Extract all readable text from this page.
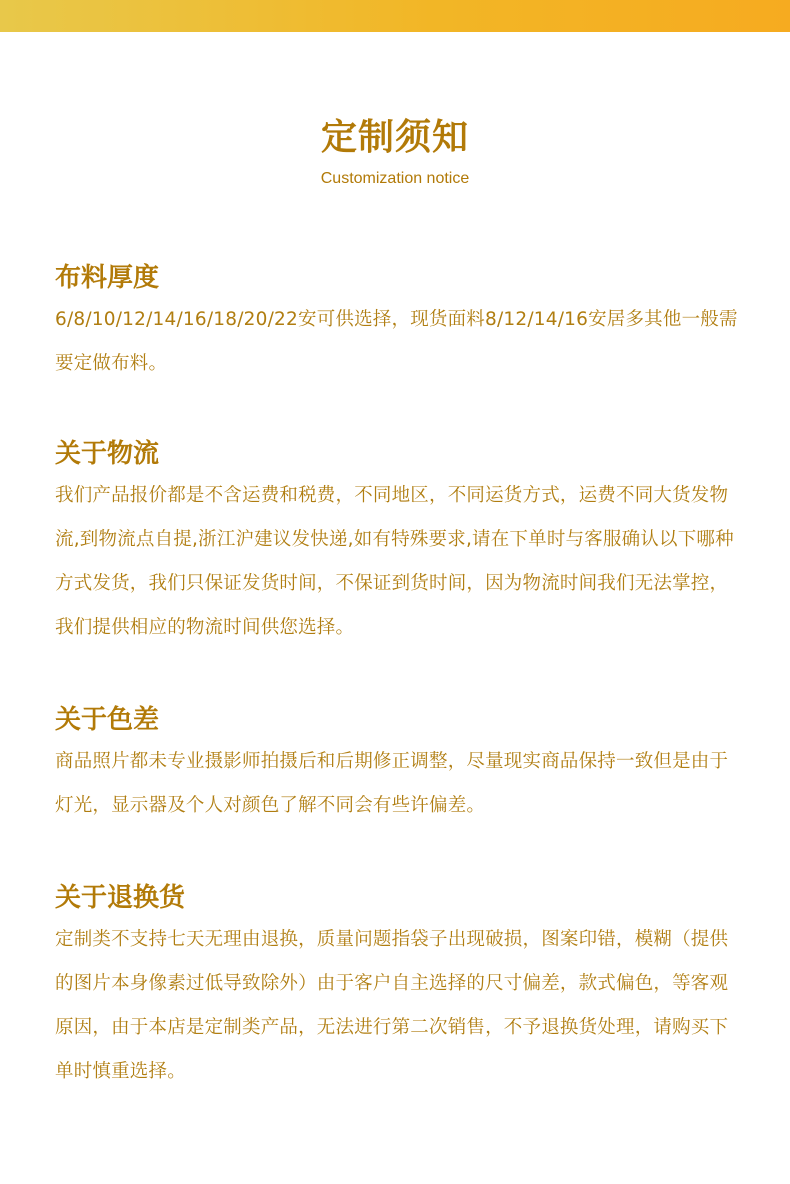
定制须知
Customization notice
布料厚度
6/8/10/12/14/16/18/20/22安可供选择，现货面料8/12/14/16安居多其他一般需要定做布料。
关于物流
我们产品报价都是不含运费和税费，不同地区，不同运货方式，运费不同大货发物流,到物流点自提,浙江沪建议发快递,如有特殊要求,请在下单时与客服确认以下哪种方式发货，我们只保证发货时间，不保证到货时间，因为物流时间我们无法掌控，我们提供相应的物流时间供您选择。
关于色差
商品照片都未专业摄影师拍摄后和后期修正调整，尽量现实商品保持一致但是由于灯光，显示器及个人对颜色了解不同会有些许偏差。
关于退换货
定制类不支持七天无理由退换，质量问题指袋子出现破损，图案印错，模糊（提供的图片本身像素过低导致除外）由于客户自主选择的尺寸偏差，款式偏色，等客观原因，由于本店是定制类产品，无法进行第二次销售，不予退换货处理，请购买下单时慎重选择。
